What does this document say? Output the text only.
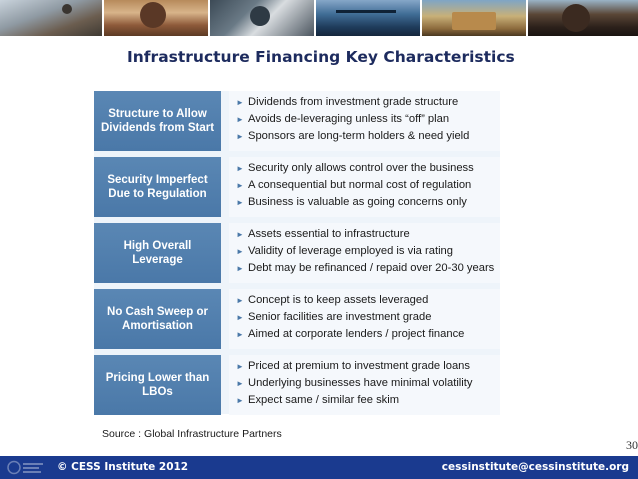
Infrastructure Financing Key Characteristics
Structure to Allow Dividends from Start
► Dividends from investment grade structure
► Avoids de-leveraging unless its “off” plan
► Sponsors are long-term holders & need yield
Security Imperfect Due to Regulation
► Security only allows control over the business
► A consequential but normal cost of regulation
► Business is valuable as going concerns only
High Overall Leverage
► Assets essential to infrastructure
► Validity of leverage employed is via rating
► Debt may be refinanced / repaid over 20-30 years
No Cash Sweep or Amortisation
► Concept is to keep assets leveraged
► Senior facilities are investment grade
► Aimed at corporate lenders / project finance
Pricing Lower than LBOs
► Priced at premium to investment grade loans
► Underlying businesses have minimal volatility
► Expect same / similar fee skim
Source : Global Infrastructure Partners
30
© CESS Institute 2012	cessinstitute@cessinstitute.org
